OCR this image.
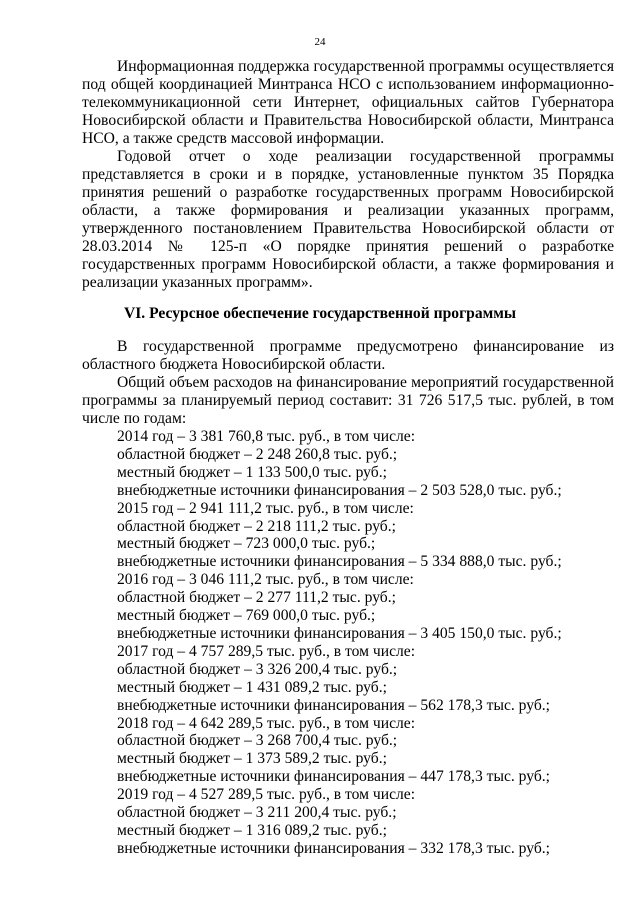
24

Информационная поддержка государственной программы осуществляется под общей координацией Минтранса НСО с использованием информационно-телекоммуникационной сети Интернет, официальных сайтов Губернатора Новосибирской области и Правительства Новосибирской области, Минтранса НСО, а также средств массовой информации.

Годовой отчет о ходе реализации государственной программы представляется в сроки и в порядке, установленные пунктом 35 Порядка принятия решений о разработке государственных программ Новосибирской области, а также формирования и реализации указанных программ, утвержденного постановлением Правительства Новосибирской области от 28.03.2014 № 125-п «О порядке принятия решений о разработке государственных программ Новосибирской области, а также формирования и реализации указанных программ».

VI. Ресурсное обеспечение государственной программы

В государственной программе предусмотрено финансирование из областного бюджета Новосибирской области.

Общий объем расходов на финансирование мероприятий государственной программы за планируемый период составит: 31 726 517,5 тыс. рублей, в том числе по годам:

2014 год – 3 381 760,8 тыс. руб., в том числе:
областной бюджет – 2 248 260,8 тыс. руб.;
местный бюджет – 1 133 500,0 тыс. руб.;
внебюджетные источники финансирования – 2 503 528,0 тыс. руб.;
2015 год – 2 941 111,2 тыс. руб., в том числе:
областной бюджет – 2 218 111,2 тыс. руб.;
местный бюджет – 723 000,0 тыс. руб.;
внебюджетные источники финансирования – 5 334 888,0 тыс. руб.;
2016 год – 3 046 111,2 тыс. руб., в том числе:
областной бюджет – 2 277 111,2 тыс. руб.;
местный бюджет – 769 000,0 тыс. руб.;
внебюджетные источники финансирования – 3 405 150,0 тыс. руб.;
2017 год – 4 757 289,5 тыс. руб., в том числе:
областной бюджет – 3 326 200,4 тыс. руб.;
местный бюджет – 1 431 089,2 тыс. руб.;
внебюджетные источники финансирования – 562 178,3 тыс. руб.;
2018 год – 4 642 289,5 тыс. руб., в том числе:
областной бюджет – 3 268 700,4 тыс. руб.;
местный бюджет – 1 373 589,2 тыс. руб.;
внебюджетные источники финансирования – 447 178,3 тыс. руб.;
2019 год – 4 527 289,5 тыс. руб., в том числе:
областной бюджет – 3 211 200,4 тыс. руб.;
местный бюджет – 1 316 089,2 тыс. руб.;
внебюджетные источники финансирования – 332 178,3 тыс. руб.;
